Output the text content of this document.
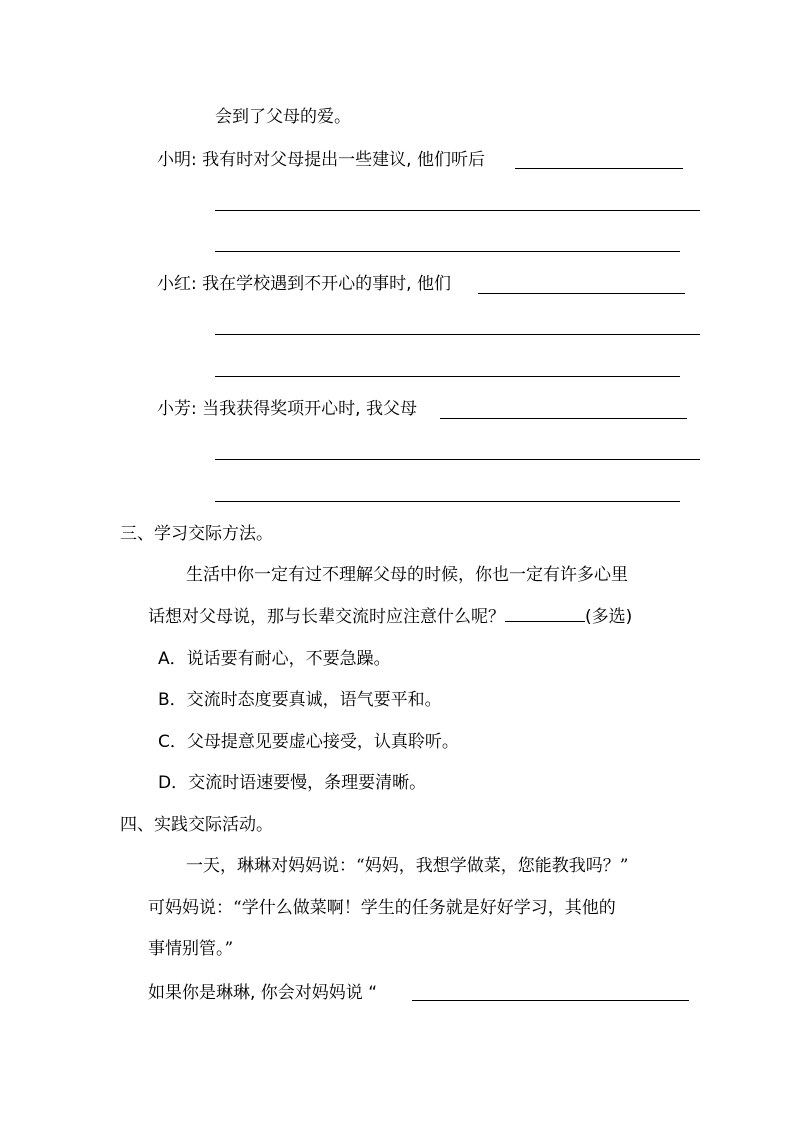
会到了父母的爱。
小明: 我有时对父母提出一些建议, 他们听后
小红: 我在学校遇到不开心的事时, 他们
小芳: 当我获得奖项开心时, 我父母
三、学习交际方法。
生活中你一定有过不理解父母的时候，你也一定有许多心里
话想对父母说，那与长辈交流时应注意什么呢？	(多选)
A．说话要有耐心，不要急躁。
B．交流时态度要真诚，语气要平和。
C．父母提意见要虚心接受，认真聆听。
D．交流时语速要慢，条理要清晰。
四、实践交际活动。
一天，琳琳对妈妈说：“妈妈，我想学做菜，您能教我吗？”
可妈妈说：“学什么做菜啊！学生的任务就是好好学习，其他的
事情别管。”
如果你是琳琳, 你会对妈妈说 “
